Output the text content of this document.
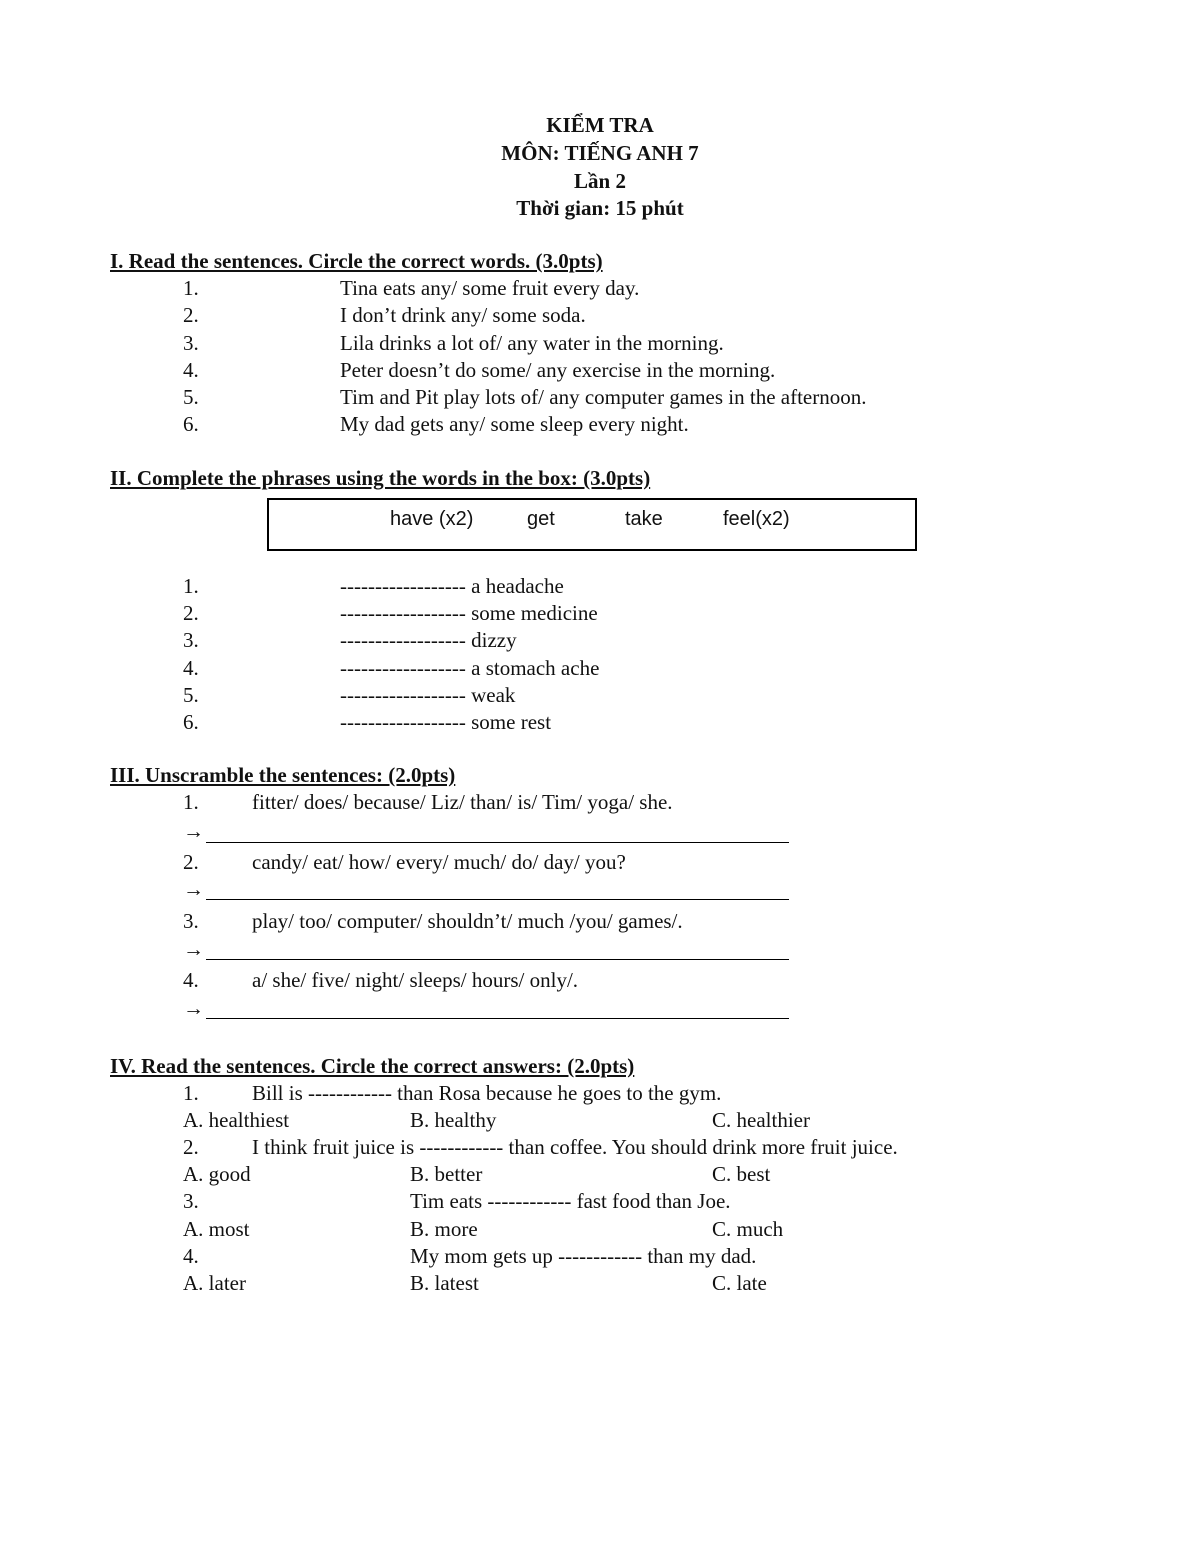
KIỂM TRA
MÔN: TIẾNG ANH 7
Lần 2
Thời gian: 15 phút
I. Read the sentences. Circle the correct words. (3.0pts)
1.	Tina eats any/ some fruit every day.
2.	I don’t drink any/ some soda.
3.	Lila drinks a lot of/ any water in the morning.
4.	Peter doesn’t do some/ any exercise in the morning.
5.	Tim and Pit play lots of/ any computer games in the afternoon.
6.	My dad gets any/ some sleep every night.
II. Complete the phrases using the words in the box: (3.0pts)
have (x2)	get	take	feel(x2)
1.	------------------ a headache
2.	------------------ some medicine
3.	------------------ dizzy
4.	------------------ a stomach ache
5.	------------------ weak
6.	------------------ some rest
III. Unscramble the sentences: (2.0pts)
1.	fitter/ does/ because/ Liz/ than/ is/ Tim/ yoga/ she.
→
2.	candy/ eat/ how/ every/ much/ do/ day/ you?
→
3.	play/ too/ computer/ shouldn’t/ much /you/ games/.
→
4.	a/ she/ five/ night/ sleeps/ hours/ only/.
→
IV. Read the sentences. Circle the correct answers: (2.0pts)
1.	Bill is ------------ than Rosa because he goes to the gym.
A. healthiest	B. healthy	C. healthier
2.	I think fruit juice is ------------ than coffee. You should drink more fruit juice.
A. good	B. better	C. best
3.	Tim eats ------------ fast food than Joe.
A. most	B. more	C. much
4.	My mom gets up ------------ than my dad.
A. later	B. latest	C. late
